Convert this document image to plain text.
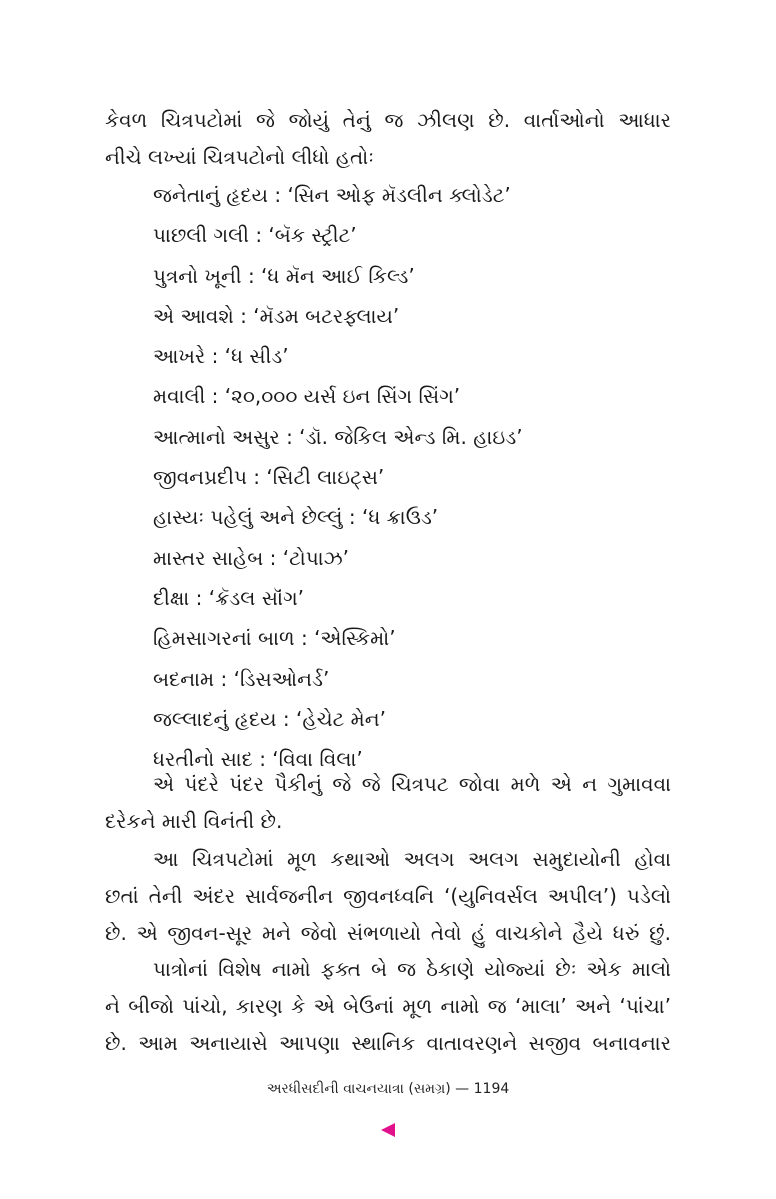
કેવળ ચિત્રપટોમાં જે જોયું તેનું જ ઝીલણ છે. વાર્તાઓનો આધાર
નીચે લખ્યાં ચિત્રપટોનો લીધો હતોઃ

જનેતાનું હૃદય : ‘સિન ઓફ મૅડલીન ક્લોડેટ’
પાછલી ગલી : ‘બૅક સ્ટ્રીટ’
પુત્રનો ખૂની : ‘ધ મૅન આઈ કિલ્ડ’
એ આવશે : ‘મૅડમ બટરફ્લાય’
આખરે : ‘ધ સીડ’
મવાલી : ‘૨૦,૦૦૦ યર્સ ઇન સિંગ સિંગ’
આત્માનો અસુર : ‘ડૉ. જેકિલ એન્ડ મિ. હાઇડ’
જીવનપ્રદીપ : ‘સિટી લાઇટ્સ’
હાસ્યઃ પહેલું અને છેલ્લું : ‘ધ ક્રાઉડ’
માસ્તર સાહેબ : ‘ટોપાઝ’
દીક્ષા : ‘ક્રૅડલ સૉંગ’
હિમસાગરનાં બાળ : ‘એસ્કિમો’
બદનામ : ‘ડિસઓનર્ડ’
જલ્લાદનું હૃદય : ‘હેચેટ મેન’
ધરતીનો સાદ : ‘વિવા વિલા’

એ પંદરે પંદર પૈકીનું જે જે ચિત્રપટ જોવા મળે એ ન ગુમાવવા
દરેકને મારી વિનંતી છે.

આ ચિત્રપટોમાં મૂળ કથાઓ અલગ અલગ સમુદાયોની હોવા
છતાં તેની અંદર સાર્વજનીન જીવનધ્વનિ ‘(યુનિવર્સલ અપીલ’) પડેલો
છે. એ જીવન-સૂર મને જેવો સંભળાયો તેવો હું વાચકોને હૈયે ધરું છું.

પાત્રોનાં વિશેષ નામો ફક્ત બે જ ઠેકાણે યોજ્યાં છેઃ એક માલો
ને બીજો પાંચો, કારણ કે એ બેઉનાં મૂળ નામો જ ‘માલા’ અને ‘પાંચા’
છે. આમ અનાયાસે આપણા સ્થાનિક વાતાવરણને સજીવ બનાવનાર

અરધીસદીની વાચનયાત્રા (સમગ્ર) — 1194
